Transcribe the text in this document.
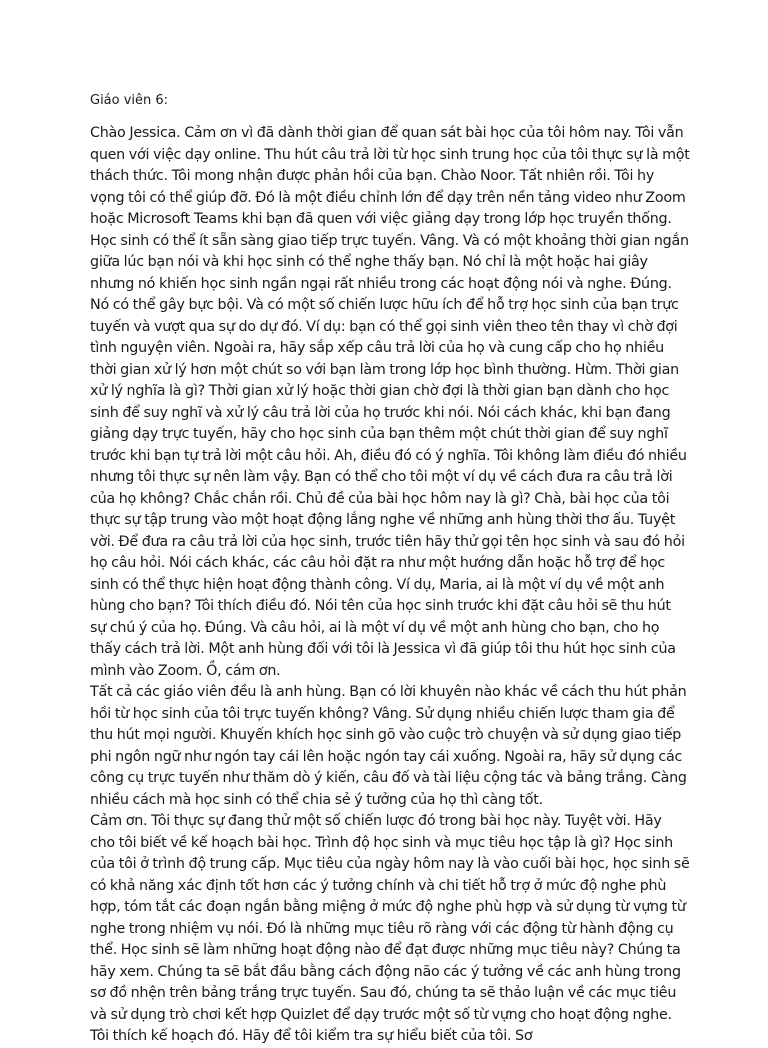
Giáo viên 6:

Chào Jessica. Cảm ơn vì đã dành thời gian để quan sát bài học của tôi hôm nay. Tôi vẫn quen với việc dạy online. Thu hút câu trả lời từ học sinh trung học của tôi thực sự là một thách thức. Tôi mong nhận được phản hồi của bạn. Chào Noor. Tất nhiên rồi. Tôi hy vọng tôi có thể giúp đỡ. Đó là một điều chỉnh lớn để dạy trên nền tảng video như Zoom hoặc Microsoft Teams khi bạn đã quen với việc giảng dạy trong lớp học truyền thống. Học sinh có thể ít sẵn sàng giao tiếp trực tuyến. Vâng. Và có một khoảng thời gian ngắn giữa lúc bạn nói và khi học sinh có thể nghe thấy bạn. Nó chỉ là một hoặc hai giây nhưng nó khiến học sinh ngần ngại rất nhiều trong các hoạt động nói và nghe. Đúng. Nó có thể gây bực bội. Và có một số chiến lược hữu ích để hỗ trợ học sinh của bạn trực tuyến và vượt qua sự do dự đó. Ví dụ: bạn có thể gọi sinh viên theo tên thay vì chờ đợi tình nguyện viên. Ngoài ra, hãy sắp xếp câu trả lời của họ và cung cấp cho họ nhiều thời gian xử lý hơn một chút so với bạn làm trong lớp học bình thường. Hừm. Thời gian xử lý nghĩa là gì? Thời gian xử lý hoặc thời gian chờ đợi là thời gian bạn dành cho học sinh để suy nghĩ và xử lý câu trả lời của họ trước khi nói. Nói cách khác, khi bạn đang giảng dạy trực tuyến, hãy cho học sinh của bạn thêm một chút thời gian để suy nghĩ trước khi bạn tự trả lời một câu hỏi. Ah, điều đó có ý nghĩa. Tôi không làm điều đó nhiều nhưng tôi thực sự nên làm vậy. Bạn có thể cho tôi một ví dụ về cách đưa ra câu trả lời của họ không? Chắc chắn rồi. Chủ đề của bài học hôm nay là gì? Chà, bài học của tôi thực sự tập trung vào một hoạt động lắng nghe về những anh hùng thời thơ ấu. Tuyệt vời. Để đưa ra câu trả lời của học sinh, trước tiên hãy thử gọi tên học sinh và sau đó hỏi họ câu hỏi. Nói cách khác, các câu hỏi đặt ra như một hướng dẫn hoặc hỗ trợ để học sinh có thể thực hiện hoạt động thành công. Ví dụ, Maria, ai là một ví dụ về một anh hùng cho bạn? Tôi thích điều đó. Nói tên của học sinh trước khi đặt câu hỏi sẽ thu hút sự chú ý của họ. Đúng. Và câu hỏi, ai là một ví dụ về một anh hùng cho bạn, cho họ thấy cách trả lời. Một anh hùng đối với tôi là Jessica vì đã giúp tôi thu hút học sinh của mình vào Zoom. Ồ, cám ơn.

Tất cả các giáo viên đều là anh hùng. Bạn có lời khuyên nào khác về cách thu hút phản hồi từ học sinh của tôi trực tuyến không? Vâng. Sử dụng nhiều chiến lược tham gia để thu hút mọi người. Khuyến khích học sinh gõ vào cuộc trò chuyện và sử dụng giao tiếp phi ngôn ngữ như ngón tay cái lên hoặc ngón tay cái xuống. Ngoài ra, hãy sử dụng các công cụ trực tuyến như thăm dò ý kiến, câu đố và tài liệu cộng tác và bảng trắng. Càng nhiều cách mà học sinh có thể chia sẻ ý tưởng của họ thì càng tốt.

Cảm ơn. Tôi thực sự đang thử một số chiến lược đó trong bài học này. Tuyệt vời. Hãy cho tôi biết về kế hoạch bài học. Trình độ học sinh và mục tiêu học tập là gì? Học sinh của tôi ở trình độ trung cấp. Mục tiêu của ngày hôm nay là vào cuối bài học, học sinh sẽ có khả năng xác định tốt hơn các ý tưởng chính và chi tiết hỗ trợ ở mức độ nghe phù hợp, tóm tắt các đoạn ngắn bằng miệng ở mức độ nghe phù hợp và sử dụng từ vựng từ nghe trong nhiệm vụ nói. Đó là những mục tiêu rõ ràng với các động từ hành động cụ thể. Học sinh sẽ làm những hoạt động nào để đạt được những mục tiêu này? Chúng ta hãy xem. Chúng ta sẽ bắt đầu bằng cách động não các ý tưởng về các anh hùng trong sơ đồ nhện trên bảng trắng trực tuyến. Sau đó, chúng ta sẽ thảo luận về các mục tiêu và sử dụng trò chơi kết hợp Quizlet để dạy trước một số từ vựng cho hoạt động nghe. Tôi thích kế hoạch đó. Hãy để tôi kiểm tra sự hiểu biết của tôi. Sơ
